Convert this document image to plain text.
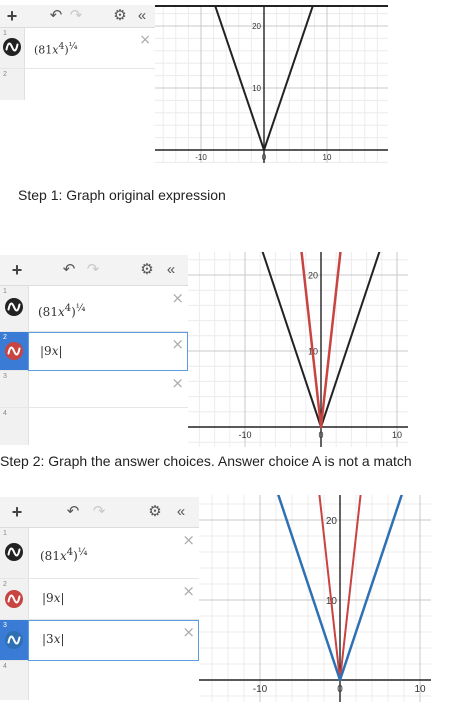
+ ↶ ↷ ⚙ «
1
$(81x^4)^{\frac{1}{4}}$	×
2
-10	0	10
10
20
Step 1: Graph original expression
+	↶ ↷	⚙ «
1
$(81x^4)^{\frac{1}{4}}$
×
2
|9x|	×
3	×
4
-10	0	10
10
20
Step 2: Graph the answer choices. Answer choice A is not a match
+	↶ ↷	⚙	«
1
$(81x^4)^{\frac{1}{4}}$
×
2
|9x|	×
3
|3x|	×
4
-10	0	10
10
20
